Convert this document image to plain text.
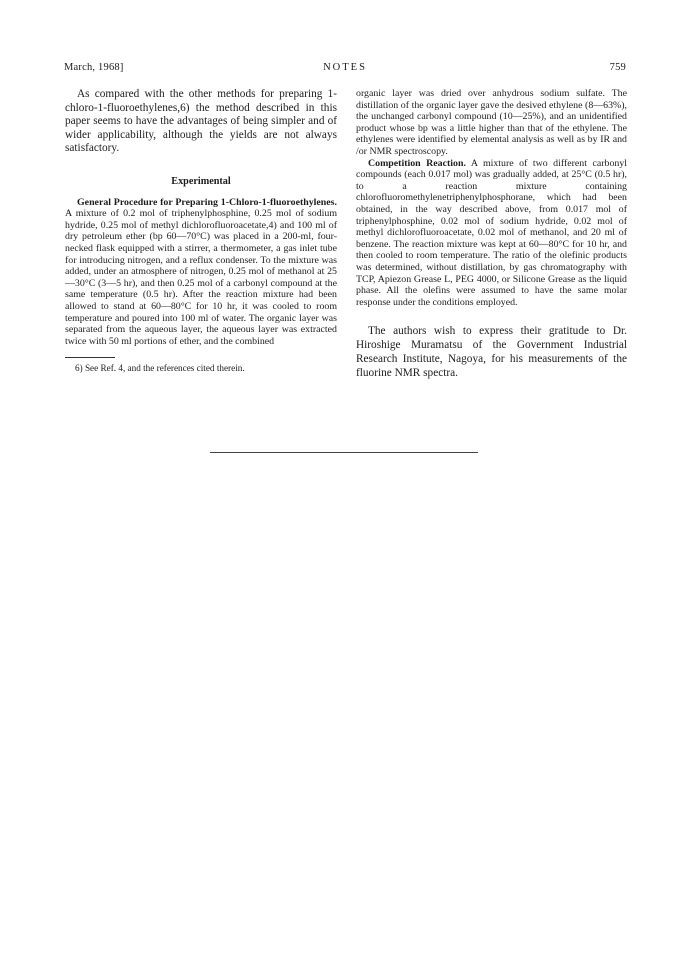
March, 1968]	NOTES	759

As compared with the other methods for preparing 1-chloro-1-fluoroethylenes,6) the method described in this paper seems to have the advantages of being simpler and of wider applicability, although the yields are not always satisfactory.

Experimental

General Procedure for Preparing 1-Chloro-1-fluoroethylenes. A mixture of 0.2 mol of triphenylphosphine, 0.25 mol of sodium hydride, 0.25 mol of methyl dichlorofluoroacetate,4) and 100 ml of dry petroleum ether (bp 60—70°C) was placed in a 200-ml, four-necked flask equipped with a stirrer, a thermometer, a gas inlet tube for introducing nitrogen, and a reflux condenser. To the mixture was added, under an atmosphere of nitrogen, 0.25 mol of methanol at 25—30°C (3—5 hr), and then 0.25 mol of a carbonyl compound at the same temperature (0.5 hr). After the reaction mixture had been allowed to stand at 60—80°C for 10 hr, it was cooled to room temperature and poured into 100 ml of water. The organic layer was separated from the aqueous layer, the aqueous layer was extracted twice with 50 ml portions of ether, and the combined

6) See Ref. 4, and the references cited therein.

organic layer was dried over anhydrous sodium sulfate. The distillation of the organic layer gave the desived ethylene (8—63%), the unchanged carbonyl compound (10—25%), and an unidentified product whose bp was a little higher than that of the ethylene. The ethylenes were identified by elemental analysis as well as by IR and /or NMR spectroscopy.

Competition Reaction. A mixture of two different carbonyl compounds (each 0.017 mol) was gradually added, at 25°C (0.5 hr), to a reaction mixture containing chlorofluoromethylenetriphenylphosphorane, which had been obtained, in the way described above, from 0.017 mol of triphenylphosphine, 0.02 mol of sodium hydride, 0.02 mol of methyl dichlorofluoroacetate, 0.02 mol of methanol, and 20 ml of benzene. The reaction mixture was kept at 60—80°C for 10 hr, and then cooled to room temperature. The ratio of the olefinic products was determined, without distillation, by gas chromatography with TCP, Apiezon Grease L, PEG 4000, or Silicone Grease as the liquid phase. All the olefins were assumed to have the same molar response under the conditions employed.

The authors wish to express their gratitude to Dr. Hiroshige Muramatsu of the Government Industrial Research Institute, Nagoya, for his measurements of the fluorine NMR spectra.
